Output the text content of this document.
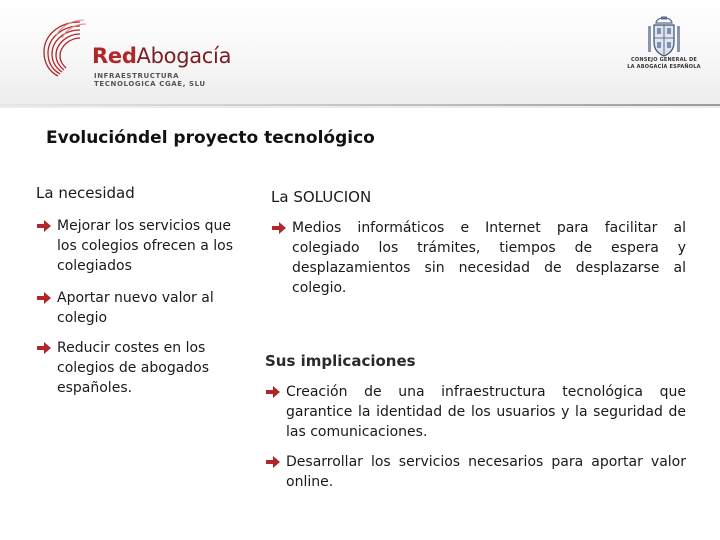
RedAbogacía
INFRAESTRUCTURA
TECNOLOGICA CGAE, SLU
CONSEJO GENERAL DE
LA ABOGACÍA ESPAÑOLA
Evolucióndel proyecto tecnológico

La necesidad

Mejorar los servicios que los colegios ofrecen a los colegiados
Aportar nuevo valor al colegio
Reducir costes en los colegios de abogados españoles.

La SOLUCION

Medios informáticos e Internet para facilitar al colegiado los trámites, tiempos de espera y desplazamientos sin necesidad de desplazarse al colegio.

Sus implicaciones

Creación de una infraestructura tecnológica que garantice la identidad de los usuarios y la seguridad de las comunicaciones.
Desarrollar los servicios necesarios para aportar valor online.
